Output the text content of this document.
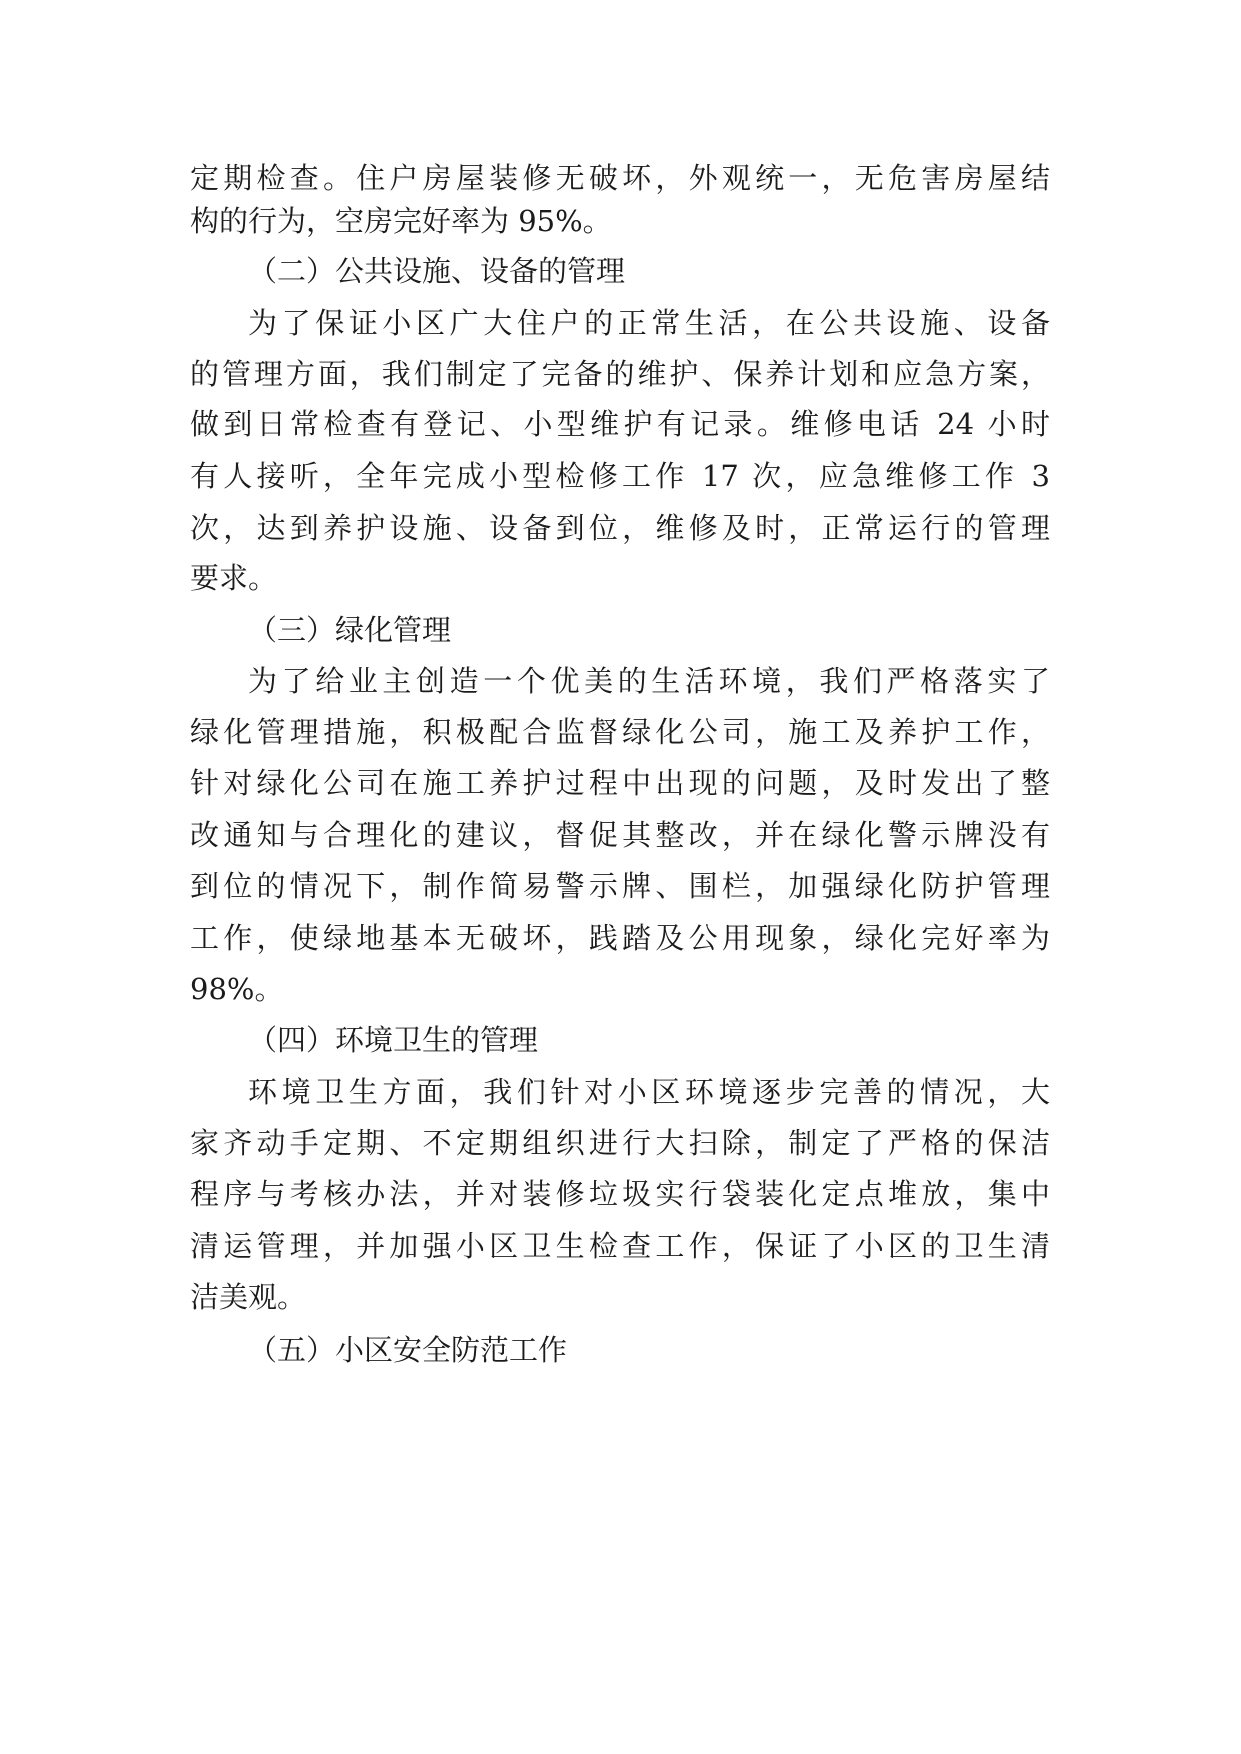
定期检查。住户房屋装修无破坏，外观统一，无危害房屋结
构的行为，空房完好率为 95%。
（二）公共设施、设备的管理
为了保证小区广大住户的正常生活，在公共设施、设备
的管理方面，我们制定了完备的维护、保养计划和应急方案，
做到日常检查有登记、小型维护有记录。维修电话 24 小时
有人接听，全年完成小型检修工作 17 次，应急维修工作 3
次，达到养护设施、设备到位，维修及时，正常运行的管理
要求。
（三）绿化管理
为了给业主创造一个优美的生活环境，我们严格落实了
绿化管理措施，积极配合监督绿化公司，施工及养护工作，
针对绿化公司在施工养护过程中出现的问题，及时发出了整
改通知与合理化的建议，督促其整改，并在绿化警示牌没有
到位的情况下，制作简易警示牌、围栏，加强绿化防护管理
工作，使绿地基本无破坏，践踏及公用现象，绿化完好率为
98%。
（四）环境卫生的管理
环境卫生方面，我们针对小区环境逐步完善的情况，大
家齐动手定期、不定期组织进行大扫除，制定了严格的保洁
程序与考核办法，并对装修垃圾实行袋装化定点堆放，集中
清运管理，并加强小区卫生检查工作，保证了小区的卫生清
洁美观。
（五）小区安全防范工作
